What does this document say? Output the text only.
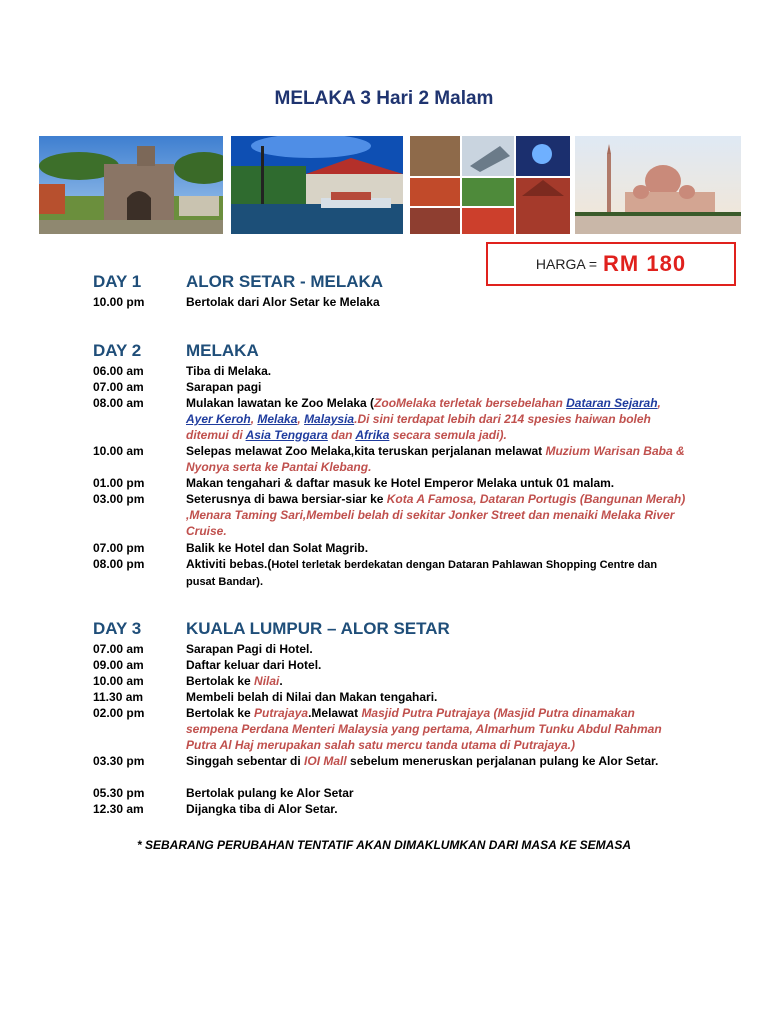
MELAKA 3 Hari 2 Malam
HARGA = RM 180
DAY 1	ALOR SETAR - MELAKA
10.00 pm	Bertolak dari Alor Setar ke Melaka
DAY 2	MELAKA
06.00 am	Tiba di Melaka.
07.00 am	Sarapan pagi
08.00 am	Mulakan lawatan ke Zoo Melaka (ZooMelaka terletak bersebelahan Dataran Sejarah, Ayer Keroh, Melaka, Malaysia.Di sini terdapat lebih dari 214 spesies haiwan boleh ditemui di Asia Tenggara dan Afrika secara semula jadi).
10.00 am	Selepas melawat Zoo Melaka,kita teruskan perjalanan melawat Muzium Warisan Baba & Nyonya serta ke Pantai Klebang.
01.00 pm	Makan tengahari & daftar masuk ke Hotel Emperor Melaka untuk 01 malam.
03.00 pm	Seterusnya di bawa bersiar-siar ke Kota A Famosa, Dataran Portugis (Bangunan Merah) ,Menara Taming Sari,Membeli belah di sekitar Jonker Street dan menaiki Melaka River Cruise.
07.00 pm	Balik ke Hotel dan Solat Magrib.
08.00 pm	Aktiviti bebas.(Hotel terletak berdekatan dengan Dataran Pahlawan Shopping Centre dan pusat Bandar).
DAY 3	KUALA LUMPUR – ALOR SETAR
07.00 am	Sarapan Pagi di Hotel.
09.00 am	Daftar keluar dari Hotel.
10.00 am	Bertolak ke Nilai.
11.30 am	Membeli belah di Nilai dan Makan tengahari.
02.00 pm	Bertolak ke Putrajaya.Melawat Masjid Putra Putrajaya (Masjid Putra dinamakan sempena Perdana Menteri Malaysia yang pertama, Almarhum Tunku Abdul Rahman Putra Al Haj merupakan salah satu mercu tanda utama di Putrajaya.)
03.30 pm	Singgah sebentar di IOI Mall sebelum meneruskan perjalanan pulang ke Alor Setar.
05.30 pm	Bertolak pulang ke Alor Setar
12.30 am	Dijangka tiba di Alor Setar.
* SEBARANG PERUBAHAN TENTATIF AKAN DIMAKLUMKAN DARI MASA KE SEMASA
